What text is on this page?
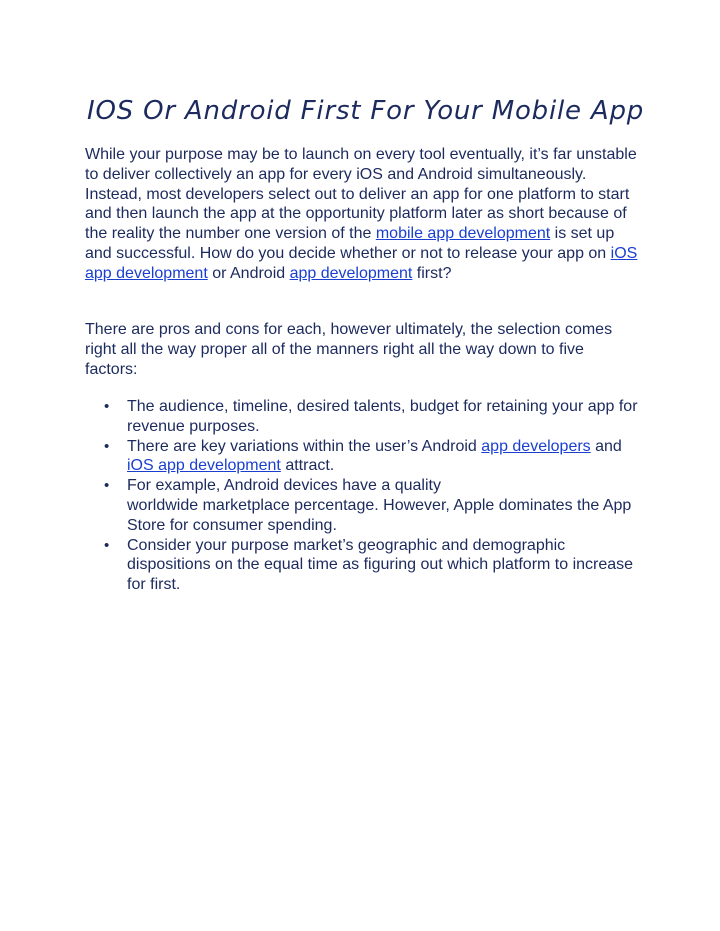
IOS Or Android First For Your Mobile App

While your purpose may be to launch on every tool eventually, it’s far unstable to deliver collectively an app for every iOS and Android simultaneously. Instead, most developers select out to deliver an app for one platform to start and then launch the app at the opportunity platform later as short because of the reality the number one version of the mobile app development is set up and successful. How do you decide whether or not to release your app on iOS app development or Android app development first?

There are pros and cons for each, however ultimately, the selection comes right all the way proper all of the manners right all the way down to five factors:

• The audience, timeline, desired talents, budget for retaining your app for revenue purposes.
• There are key variations within the user’s Android app developers and
iOS app development attract.
• For example, Android devices have a quality
worldwide marketplace percentage. However, Apple dominates the App Store for consumer spending.
• Consider your purpose market’s geographic and demographic dispositions on the equal time as figuring out which platform to increase for first.
